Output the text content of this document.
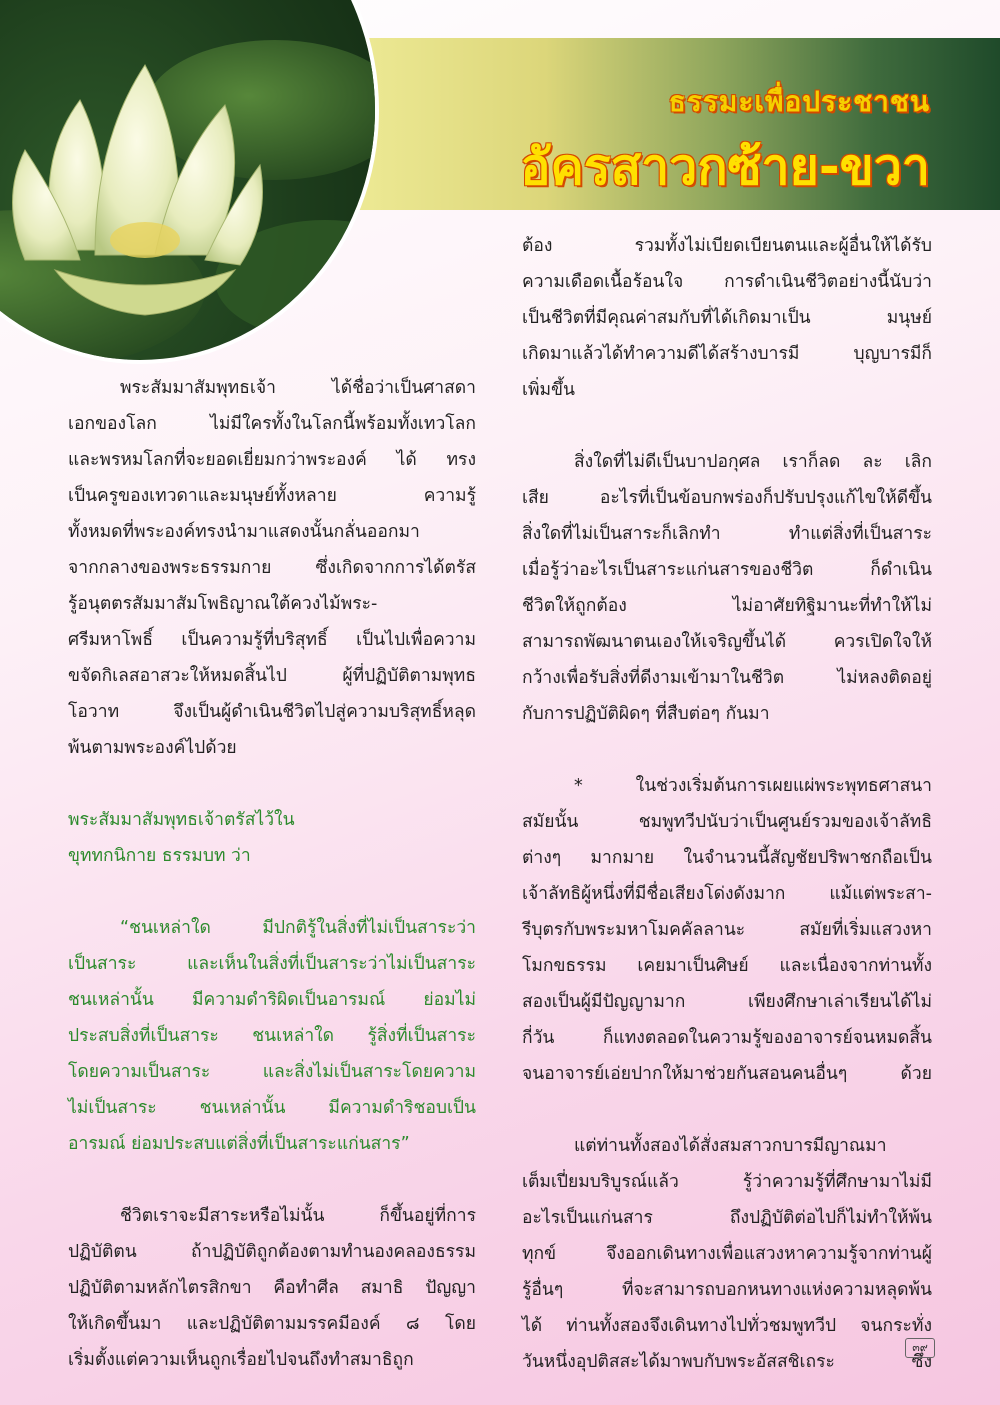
ธรรมะเพื่อประชาชน
อัครสาวกซ้าย-ขวา

พระสัมมาสัมพุทธเจ้า ได้ชื่อว่าเป็นศาสดา

เอกของโลก ไม่มีใครทั้งในโลกนี้พร้อมทั้งเทวโลก

และพรหมโลกที่จะยอดเยี่ยมกว่าพระองค์ ได้ ทรง

เป็นครูของเทวดาและมนุษย์ทั้งหลาย ความรู้

ทั้งหมดที่พระองค์ทรงนำมาแสดงนั้นกลั่นออกมา

จากกลางของพระธรรมกาย ซึ่งเกิดจากการได้ตรัส

รู้อนุตตรสัมมาสัมโพธิญาณใต้ควงไม้พระ-

ศรีมหาโพธิ์ เป็นความรู้ที่บริสุทธิ์ เป็นไปเพื่อความ

ขจัดกิเลสอาสวะให้หมดสิ้นไป ผู้ที่ปฏิบัติตามพุทธ

โอวาท จึงเป็นผู้ดำเนินชีวิตไปสู่ความบริสุทธิ์หลุด

พ้นตามพระองค์ไปด้วย

พระสัมมาสัมพุทธเจ้าตรัสไว้ใน

ขุททกนิกาย ธรรมบท ว่า

“ชนเหล่าใด มีปกติรู้ในสิ่งที่ไม่เป็นสาระว่า

เป็นสาระ และเห็นในสิ่งที่เป็นสาระว่าไม่เป็นสาระ

ชนเหล่านั้น มีความดำริผิดเป็นอารมณ์ ย่อมไม่

ประสบสิ่งที่เป็นสาระ ชนเหล่าใด รู้สิ่งที่เป็นสาระ

โดยความเป็นสาระ และสิ่งไม่เป็นสาระโดยความ

ไม่เป็นสาระ ชนเหล่านั้น มีความดำริชอบเป็น

อารมณ์ ย่อมประสบแต่สิ่งที่เป็นสาระแก่นสาร”

ชีวิตเราจะมีสาระหรือไม่นั้น ก็ขึ้นอยู่ที่การ

ปฏิบัติตน ถ้าปฏิบัติถูกต้องตามทำนองคลองธรรม

ปฏิบัติตามหลักไตรสิกขา คือทำศีล สมาธิ ปัญญา

ให้เกิดขึ้นมา และปฏิบัติตามมรรคมีองค์ ๘ โดย

เริ่มตั้งแต่ความเห็นถูกเรื่อยไปจนถึงทำสมาธิถูก

ต้อง รวมทั้งไม่เบียดเบียนตนและผู้อื่นให้ได้รับ

ความเดือดเนื้อร้อนใจ การดำเนินชีวิตอย่างนี้นับว่า

เป็นชีวิตที่มีคุณค่าสมกับที่ได้เกิดมาเป็น มนุษย์

เกิดมาแล้วได้ทำความดีได้สร้างบารมี บุญบารมีก็

เพิ่มขึ้น

สิ่งใดที่ไม่ดีเป็นบาปอกุศล เราก็ลด ละ เลิก

เสีย อะไรที่เป็นข้อบกพร่องก็ปรับปรุงแก้ไขให้ดีขึ้น

สิ่งใดที่ไม่เป็นสาระก็เลิกทำ ทำแต่สิ่งที่เป็นสาระ

เมื่อรู้ว่าอะไรเป็นสาระแก่นสารของชีวิต ก็ดำเนิน

ชีวิตให้ถูกต้อง ไม่อาศัยทิฐิมานะที่ทำให้ไม่

สามารถพัฒนาตนเองให้เจริญขึ้นได้ ควรเปิดใจให้

กว้างเพื่อรับสิ่งที่ดีงามเข้ามาในชีวิต ไม่หลงติดอยู่

กับการปฏิบัติผิดๆ ที่สืบต่อๆ กันมา

* ในช่วงเริ่มต้นการเผยแผ่พระพุทธศาสนา

สมัยนั้น ชมพูทวีปนับว่าเป็นศูนย์รวมของเจ้าลัทธิ

ต่างๆ มากมาย ในจำนวนนี้สัญชัยปริพาชกถือเป็น

เจ้าลัทธิผู้หนึ่งที่มีชื่อเสียงโด่งดังมาก แม้แต่พระสา-

รีบุตรกับพระมหาโมคคัลลานะ สมัยที่เริ่มแสวงหา

โมกขธรรม เคยมาเป็นศิษย์ และเนื่องจากท่านทั้ง

สองเป็นผู้มีปัญญามาก เพียงศึกษาเล่าเรียนได้ไม่

กี่วัน ก็แทงตลอดในความรู้ของอาจารย์จนหมดสิ้น

จนอาจารย์เอ่ยปากให้มาช่วยกันสอนคนอื่นๆ ด้วย

แต่ท่านทั้งสองได้สั่งสมสาวกบารมีญาณมา

เต็มเปี่ยมบริบูรณ์แล้ว รู้ว่าความรู้ที่ศึกษามาไม่มี

อะไรเป็นแก่นสาร ถึงปฏิบัติต่อไปก็ไม่ทำให้พ้น

ทุกข์ จึงออกเดินทางเพื่อแสวงหาความรู้จากท่านผู้

รู้อื่นๆ ที่จะสามารถบอกหนทางแห่งความหลุดพ้น

ได้ ท่านทั้งสองจึงเดินทางไปทั่วชมพูทวีป จนกระทั่ง

วันหนึ่งอุปติสสะได้มาพบกับพระอัสสชิเถระ ซึ่ง

๓๙
